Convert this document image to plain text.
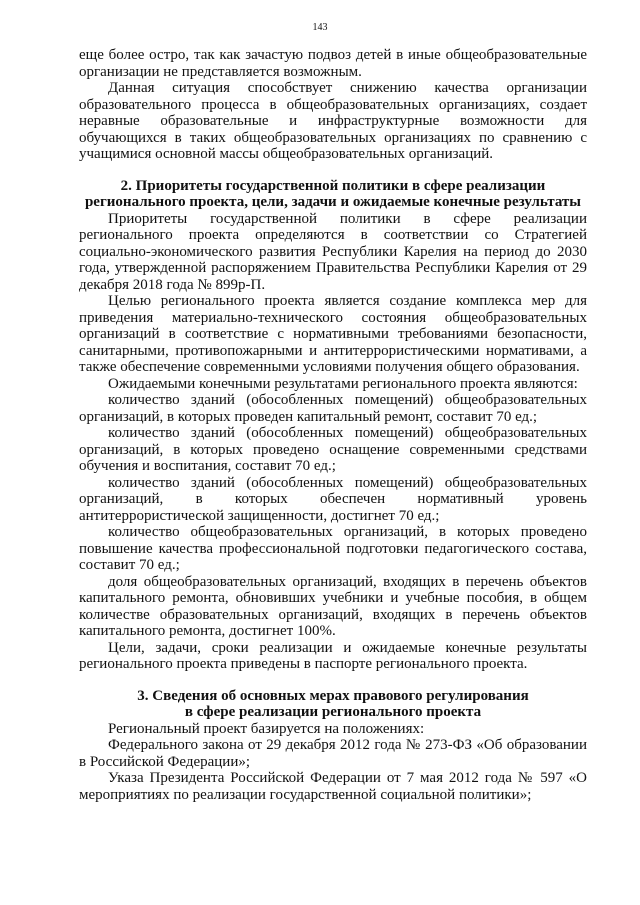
143

еще более остро, так как зачастую подвоз детей в иные общеобразовательные организации не представляется возможным.

Данная ситуация способствует снижению качества организации образовательного процесса в общеобразовательных организациях, создает неравные образовательные и инфраструктурные возможности для обучающихся в таких общеобразовательных организациях по сравнению с учащимися основной массы общеобразовательных организаций.

2. Приоритеты государственной политики в сфере реализации
регионального проекта, цели, задачи и ожидаемые конечные результаты

Приоритеты государственной политики в сфере реализации регионального проекта определяются в соответствии со Стратегией социально-экономического развития Республики Карелия на период до 2030 года, утвержденной распоряжением Правительства Республики Карелия от 29 декабря 2018 года № 899р-П.

Целью регионального проекта является создание комплекса мер для приведения материально-технического состояния общеобразовательных организаций в соответствие с нормативными требованиями безопасности, санитарными, противопожарными и антитеррористическими нормативами, а также обеспечение современными условиями получения общего образования.

Ожидаемыми конечными результатами регионального проекта являются:

количество зданий (обособленных помещений) общеобразовательных организаций, в которых проведен капитальный ремонт, составит 70 ед.;

количество зданий (обособленных помещений) общеобразовательных организаций, в которых проведено оснащение современными средствами обучения и воспитания, составит 70 ед.;

количество зданий (обособленных помещений) общеобразовательных организаций, в которых обеспечен нормативный уровень антитеррористической защищенности, достигнет 70 ед.;

количество общеобразовательных организаций, в которых проведено повышение качества профессиональной подготовки педагогического состава, составит 70 ед.;

доля общеобразовательных организаций, входящих в перечень объектов капитального ремонта, обновивших учебники и учебные пособия, в общем количестве образовательных организаций, входящих в перечень объектов капитального ремонта, достигнет 100%.

Цели, задачи, сроки реализации и ожидаемые конечные результаты регионального проекта приведены в паспорте регионального проекта.

3. Сведения об основных мерах правового регулирования
в сфере реализации регионального проекта

Региональный проект базируется на положениях:

Федерального закона от 29 декабря 2012 года № 273-ФЗ «Об образовании в Российской Федерации»;

Указа Президента Российской Федерации от 7 мая 2012 года № 597 «О мероприятиях по реализации государственной социальной политики»;
